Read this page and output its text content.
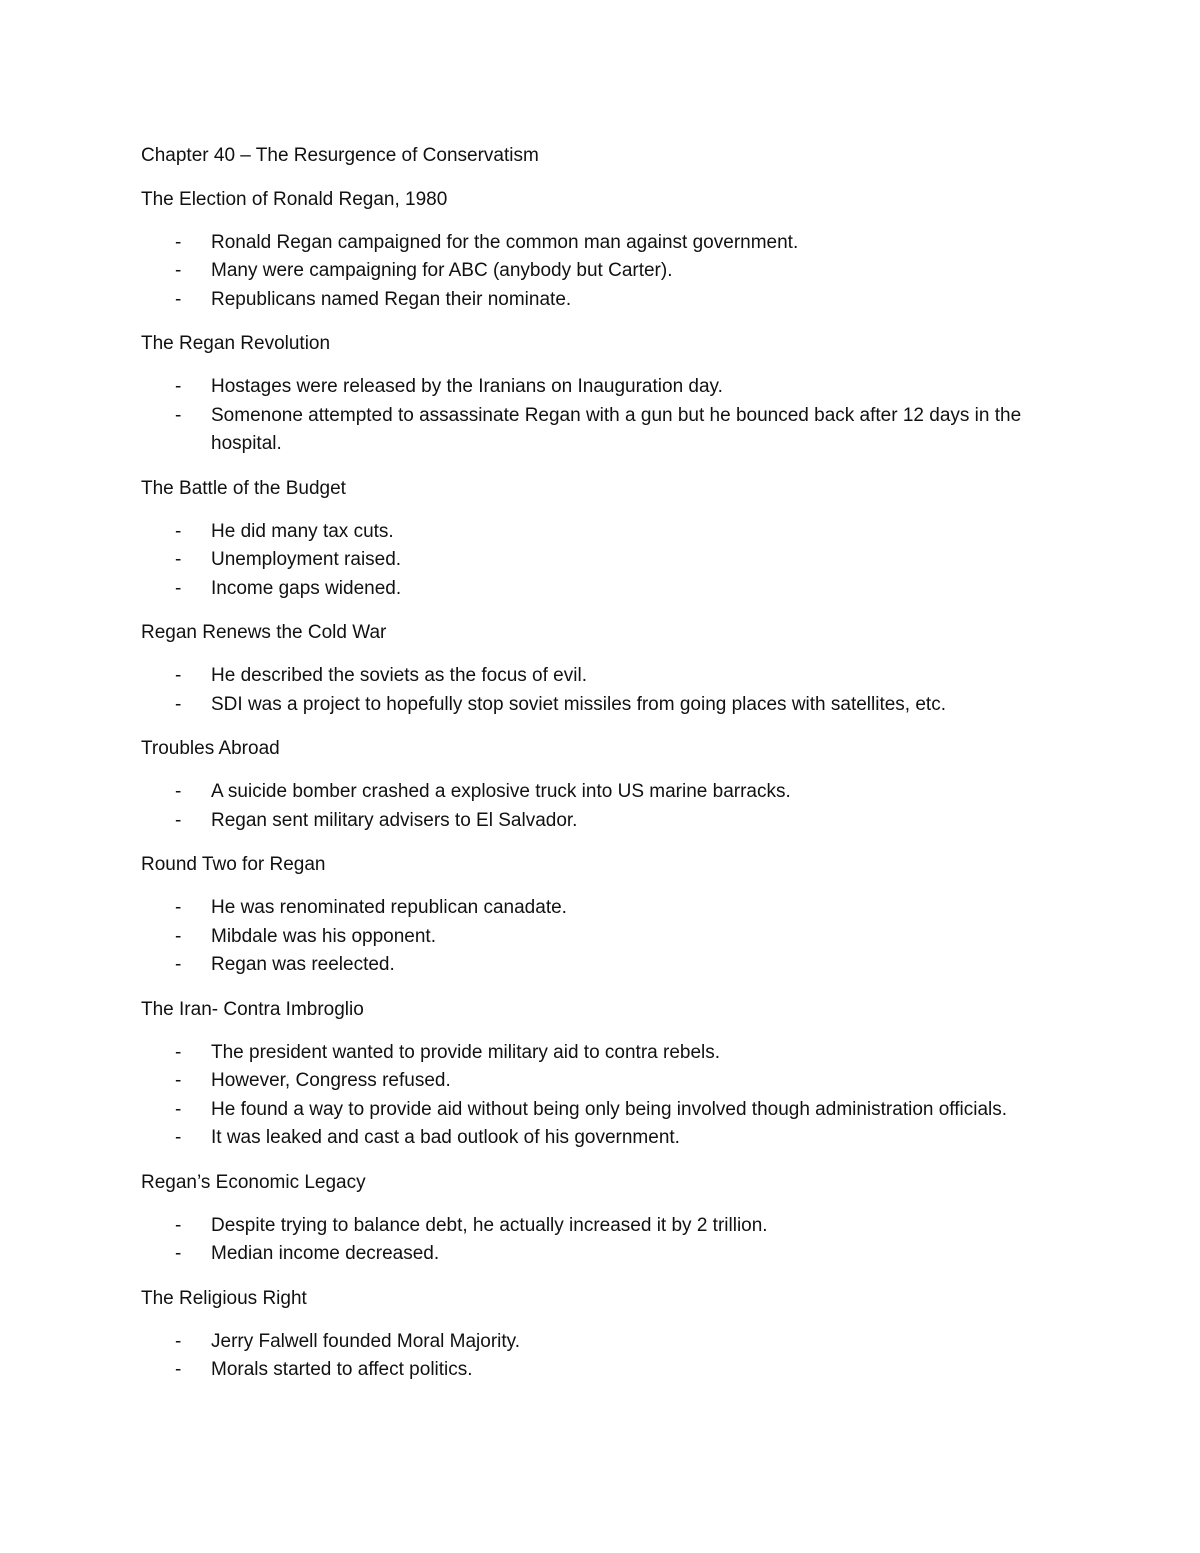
Chapter 40 – The Resurgence of Conservatism
The Election of Ronald Regan, 1980
- Ronald Regan campaigned for the common man against government.
- Many were campaigning for ABC (anybody but Carter).
- Republicans named Regan their nominate.
The Regan Revolution
- Hostages were released by the Iranians on Inauguration day.
- Somenone attempted to assassinate Regan with a gun but he bounced back after 12 days in the hospital.
The Battle of the Budget
- He did many tax cuts.
- Unemployment raised.
- Income gaps widened.
Regan Renews the Cold War
- He described the soviets as the focus of evil.
- SDI was a project to hopefully stop soviet missiles from going places with satellites, etc.
Troubles Abroad
- A suicide bomber crashed a explosive truck into US marine barracks.
- Regan sent military advisers to El Salvador.
Round Two for Regan
- He was renominated republican canadate.
- Mibdale was his opponent.
- Regan was reelected.
The Iran- Contra Imbroglio
- The president wanted to provide military aid to contra rebels.
- However, Congress refused.
- He found a way to provide aid without being only being involved though administration officials.
- It was leaked and cast a bad outlook of his government.
Regan’s Economic Legacy
- Despite trying to balance debt, he actually increased it by 2 trillion.
- Median income decreased.
The Religious Right
- Jerry Falwell founded Moral Majority.
- Morals started to affect politics.
